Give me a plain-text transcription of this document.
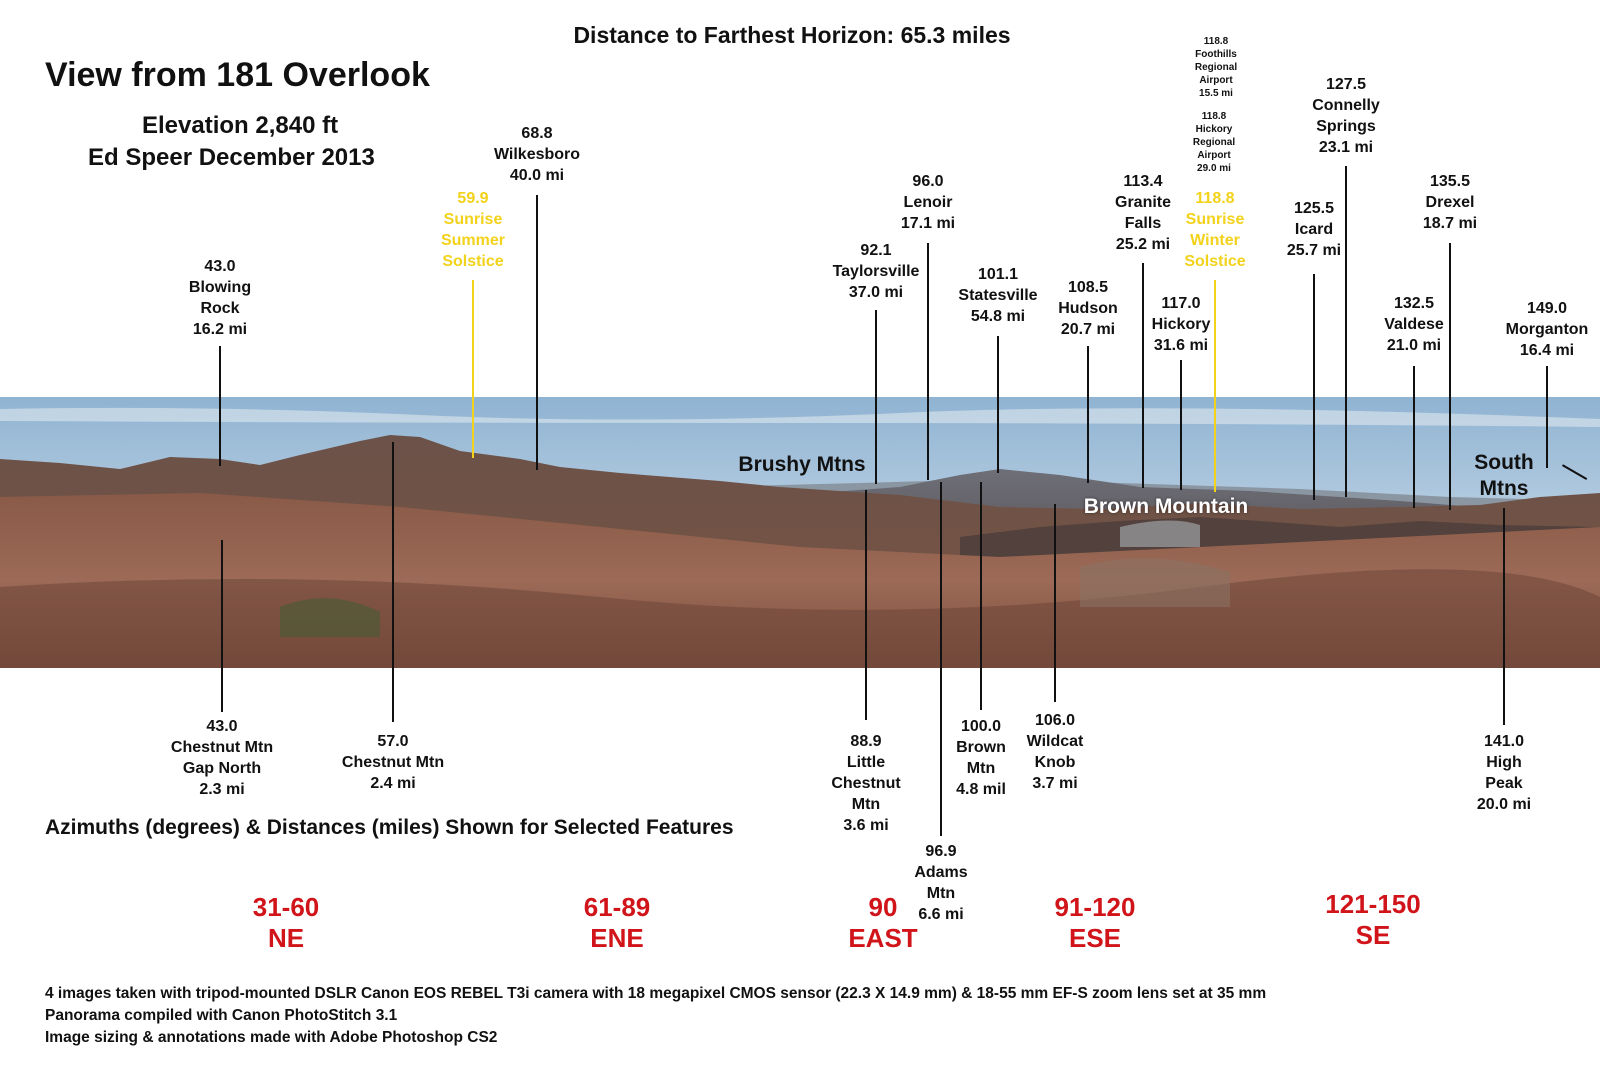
Distance to Farthest Horizon: 65.3 miles
View from 181 Overlook
Elevation 2,840 ft
Ed Speer December 2013
Brushy Mtns
Brown Mountain
South
Mtns
43.0
Blowing
Rock
16.2 mi
59.9
Sunrise
Summer
Solstice
68.8
Wilkesboro
40.0 mi
92.1
Taylorsville
37.0 mi
96.0
Lenoir
17.1 mi
101.1
Statesville
54.8 mi
108.5
Hudson
20.7 mi
113.4
Granite
Falls
25.2 mi
117.0
Hickory
31.6 mi
118.8
Sunrise
Winter
Solstice
125.5
Icard
25.7 mi
127.5
Connelly
Springs
23.1 mi
132.5
Valdese
21.0 mi
135.5
Drexel
18.7 mi
149.0
Morganton
16.4 mi
118.8
Foothills
Regional
Airport
15.5 mi
118.8
Hickory
Regional
Airport
29.0 mi
43.0
Chestnut Mtn
Gap North
2.3 mi
57.0
Chestnut Mtn
2.4 mi
88.9
Little
Chestnut
Mtn
3.6 mi
96.9
Adams
Mtn
6.6 mi
100.0
Brown
Mtn
4.8 mil
106.0
Wildcat
Knob
3.7 mi
141.0
High
Peak
20.0 mi
Azimuths (degrees) & Distances (miles) Shown for Selected Features
31-60
NE
61-89
ENE
90
EAST
91-120
ESE
121-150
SE
4 images taken with tripod-mounted DSLR Canon EOS REBEL T3i camera with 18 megapixel CMOS sensor (22.3 X 14.9 mm) & 18-55 mm EF-S zoom lens set at 35 mm
Panorama compiled with Canon PhotoStitch 3.1
Image sizing & annotations made with Adobe Photoshop CS2
